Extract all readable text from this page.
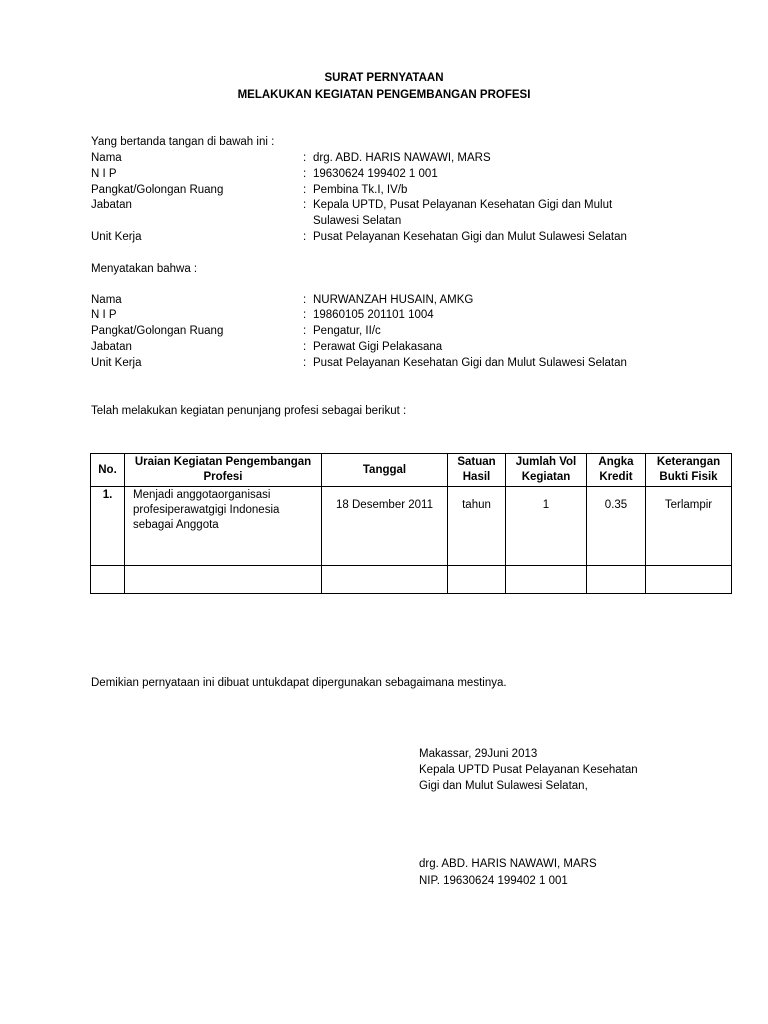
SURAT PERNYATAAN
MELAKUKAN KEGIATAN PENGEMBANGAN PROFESI
Yang bertanda tangan di bawah ini :
Nama	: drg. ABD. HARIS NAWAWI, MARS
N I P	: 19630624 199402 1 001
Pangkat/Golongan Ruang	: Pembina Tk.I, IV/b
Jabatan	: Kepala UPTD, Pusat Pelayanan Kesehatan Gigi dan Mulut Sulawesi Selatan
Unit Kerja	: Pusat Pelayanan Kesehatan Gigi dan Mulut Sulawesi Selatan
Menyatakan bahwa :
Nama	: NURWANZAH HUSAIN, AMKG
N I P	: 19860105 201101 1004
Pangkat/Golongan Ruang	: Pengatur, II/c
Jabatan	: Perawat Gigi Pelakasana
Unit Kerja	: Pusat Pelayanan Kesehatan Gigi dan Mulut Sulawesi Selatan
Telah melakukan kegiatan penunjang profesi sebagai berikut :
No.	Uraian Kegiatan Pengembangan Profesi	Tanggal	Satuan Hasil	Jumlah Vol Kegiatan	Angka Kredit	Keterangan Bukti Fisik
1.	Menjadi anggotaorganisasi profesiperawatgigi Indonesia sebagai Anggota	18 Desember 2011	tahun	1	0.35	Terlampir

Demikian pernyataan ini dibuat untukdapat dipergunakan sebagaimana mestinya.
Makassar, 29Juni 2013
Kepala UPTD Pusat Pelayanan Kesehatan
Gigi dan Mulut Sulawesi Selatan,
drg. ABD. HARIS NAWAWI, MARS
NIP. 19630624 199402 1 001
